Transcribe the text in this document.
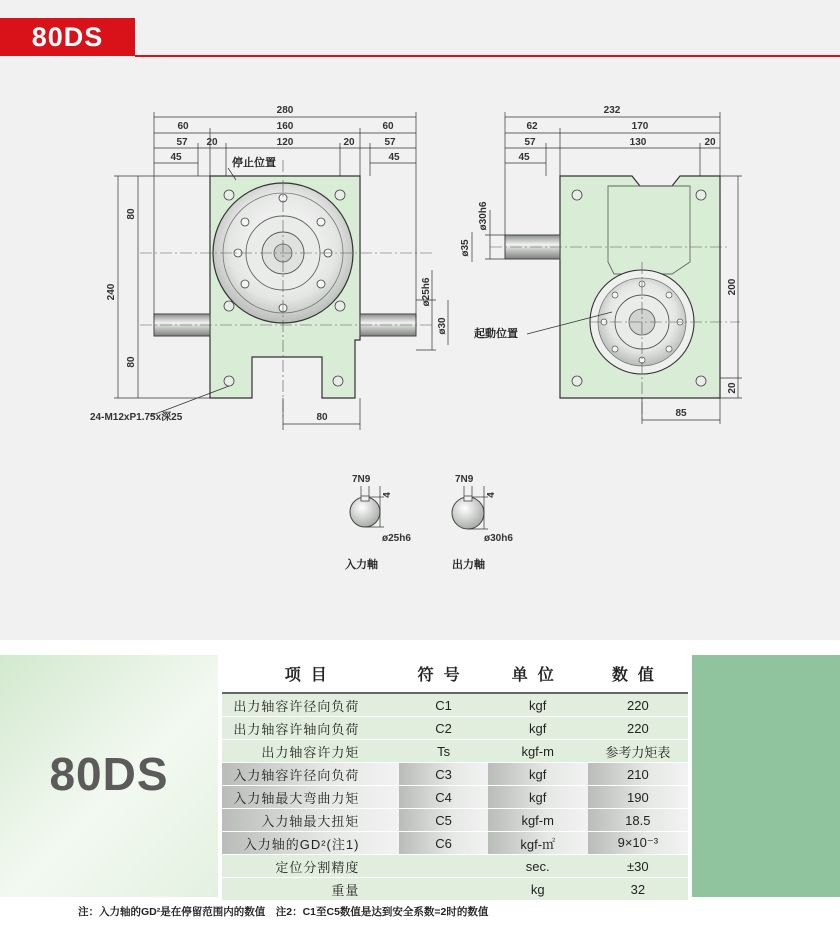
80DS
280
60	160	60
57 20	120	20	57
45	45
240
80
80
80
ø25h6
ø30
停止位置
24-M12xP1.75x深25
232
62	170
57	130	20
45
ø30h6
ø35
200
20
85
起動位置
7N9
4
ø25h6
入力軸
7N9
4
ø30h6
出力軸
80DS
项目	符号	单位	数值
出力轴容许径向负荷	C1	kgf	220
出力轴容许轴向负荷	C2	kgf	220
出力轴容许力矩	Ts	kgf-m	参考力矩表
入力轴容许径向负荷	C3	kgf	210
入力轴最大弯曲力矩	C4	kgf	190
入力轴最大扭矩	C5	kgf-m	18.5
入力轴的GD²(注1)	C6	kgf-㎡	9×10⁻³
定位分割精度		sec.	±30
重量		kg	32
注：入力轴的GD²是在停留范围内的数值　注2：C1至C5数值是达到安全系数=2时的数值
